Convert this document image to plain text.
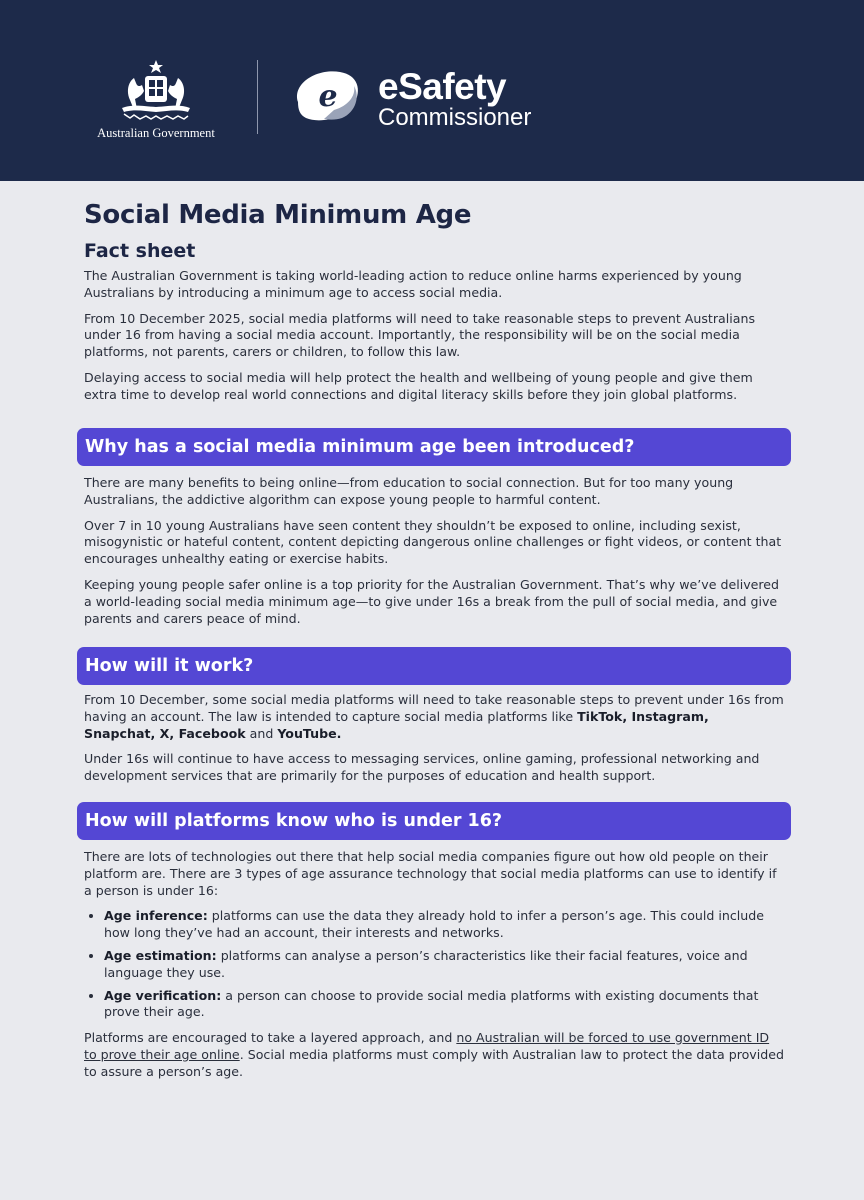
Australian Government
e eSafety
Commissioner
Social Media Minimum Age
Fact sheet

The Australian Government is taking world-leading action to reduce online harms experienced by young Australians by introducing a minimum age to access social media.

From 10 December 2025, social media platforms will need to take reasonable steps to prevent Australians under 16 from having a social media account. Importantly, the responsibility will be on the social media platforms, not parents, carers or children, to follow this law.

Delaying access to social media will help protect the health and wellbeing of young people and give them extra time to develop real world connections and digital literacy skills before they join global platforms.

Why has a social media minimum age been introduced?

There are many benefits to being online—from education to social connection. But for too many young Australians, the addictive algorithm can expose young people to harmful content.

Over 7 in 10 young Australians have seen content they shouldn’t be exposed to online, including sexist, misogynistic or hateful content, content depicting dangerous online challenges or fight videos, or content that encourages unhealthy eating or exercise habits.

Keeping young people safer online is a top priority for the Australian Government. That’s why we’ve delivered a world-leading social media minimum age—to give under 16s a break from the pull of social media, and give parents and carers peace of mind.

How will it work?

From 10 December, some social media platforms will need to take reasonable steps to prevent under 16s from having an account. The law is intended to capture social media platforms like TikTok, Instagram, Snapchat, X, Facebook and YouTube.

Under 16s will continue to have access to messaging services, online gaming, professional networking and development services that are primarily for the purposes of education and health support.

How will platforms know who is under 16?

There are lots of technologies out there that help social media companies figure out how old people on their platform are. There are 3 types of age assurance technology that social media platforms can use to identify if a person is under 16:

• Age inference: platforms can use the data they already hold to infer a person’s age. This could include how long they’ve had an account, their interests and networks.
• Age estimation: platforms can analyse a person’s characteristics like their facial features, voice and language they use.
• Age verification: a person can choose to provide social media platforms with existing documents that prove their age.

Platforms are encouraged to take a layered approach, and no Australian will be forced to use government ID to prove their age online. Social media platforms must comply with Australian law to protect the data provided to assure a person’s age.
